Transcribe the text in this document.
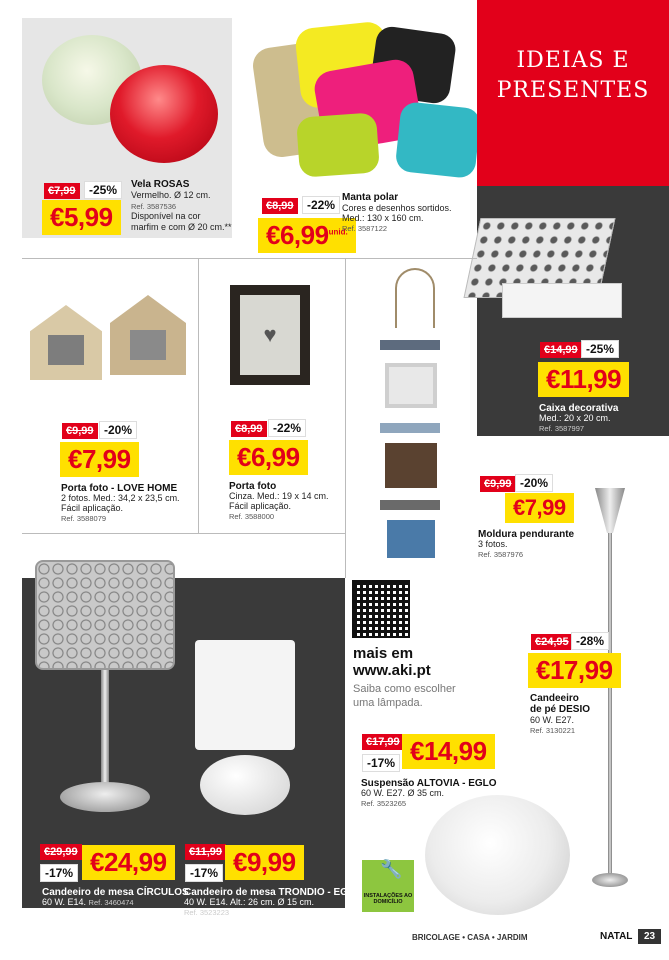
€7,99	-25%
€5,99
Vela ROSAS
Vermelho. Ø 12 cm.
Ref. 3587536
Disponível na cor
marfim e com Ø 20 cm.**
€8,99	-22%
$€6,99^{unid.}$
Manta polar
Cores e desenhos sortidos.
Med.: 130 x 160 cm.
Ref. 3587122
IDEIAS E
PRESENTES
€14,99 -25%
€11,99
Caixa decorativa
Med.: 20 x 20 cm.
Ref. 3587997
€9,99 -20%
€7,99
Porta foto - LOVE HOME
2 fotos. Med.: 34,2 x 23,5 cm.
Fácil aplicação.
Ref. 3588079
♥
€8,99 -22%
€6,99
Porta foto
Cinza. Med.: 19 x 14 cm.
Fácil aplicação.
Ref. 3588000
€9,99 -20%
€7,99
Moldura pendurante
3 fotos.
Ref. 3587976
€29,99
-17% €24,99
Candeeiro de mesa CÍRCULOS
60 W. E14. Ref. 3460474
€11,99
-17% €9,99
Candeeiro de mesa TRONDIO - EGLO
40 W. E14. Alt.: 26 cm. Ø 15 cm.
Ref. 3523223
mais em
www.aki.pt
Saiba como escolher
uma lâmpada.
€24,95 -28%
€17,99
Candeeiro
de pé DESIO
60 W. E27.
Ref. 3130221
€17,99
-17% €14,99
Suspensão ALTOVIA - EGLO
60 W. E27. Ø 35 cm.
Ref. 3523265
🔧
INSTALAÇÕES AO DOMICÍLIO
BRICOLAGE • CASA • JARDIM	NATAL	23
